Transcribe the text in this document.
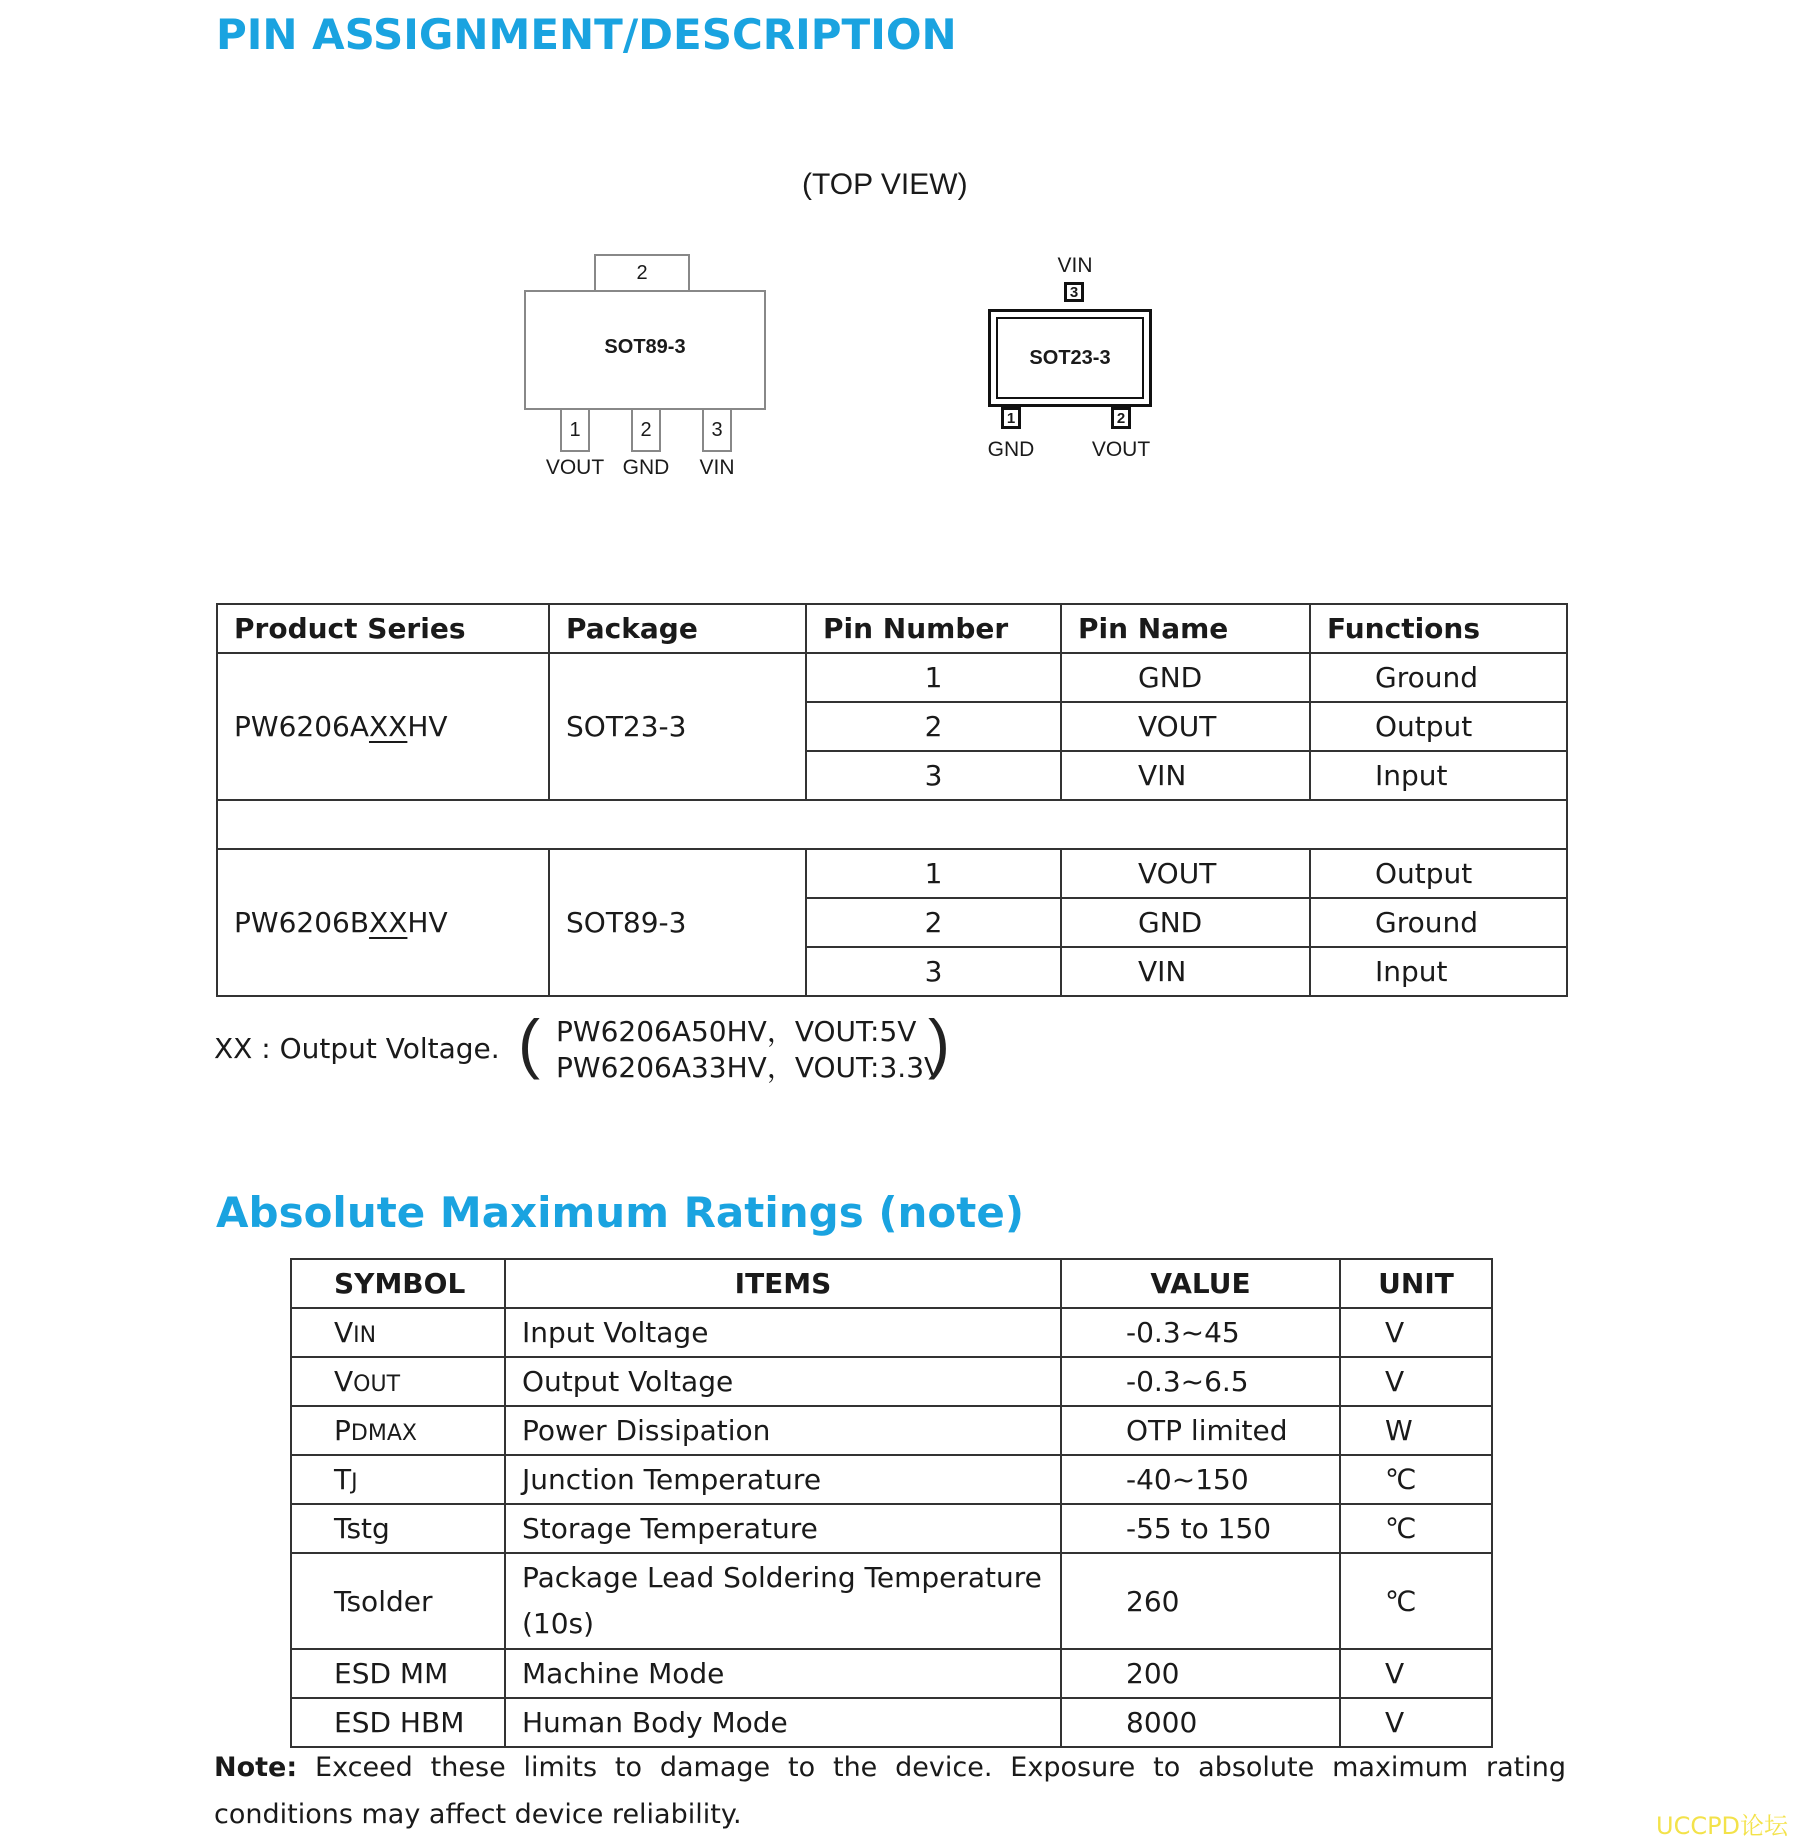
PIN ASSIGNMENT/DESCRIPTION
(TOP VIEW)
2
SOT89-3
1	2	3
VOUT GND	VIN
VIN
3
SOT23-3
1	2
GND	VOUT
Product Series	Package	Pin Number	Pin Name	Functions
PW6206AXXHV	SOT23-3	1	GND	Ground
		2	VOUT	Output
		3	VIN	Input

PW6206BXXHV	SOT89-3	1	VOUT	Output
		2	GND	Ground
		3	VIN	Input
XX : Output Voltage. ( PW6206A50HV，VOUT:5V
PW6206A33HV，VOUT:3.3V
)
Absolute Maximum Ratings (note)
SYMBOL	ITEMS	VALUE	UNIT
VIN	Input Voltage	-0.3~45	V
VOUT	Output Voltage	-0.3~6.5	V
PDMAX	Power Dissipation	OTP limited	W
TJ	Junction Temperature	-40~150	℃
Tstg	Storage Temperature	-55 to 150	℃
Tsolder	Package Lead Soldering Temperature (10s)	260	℃
ESD MM	Machine Mode	200	V
ESD HBM	Human Body Mode	8000	V
Note: Exceed these limits to damage to the device. Exposure to absolute maximum rating conditions may affect device reliability.	UCCPD论坛
